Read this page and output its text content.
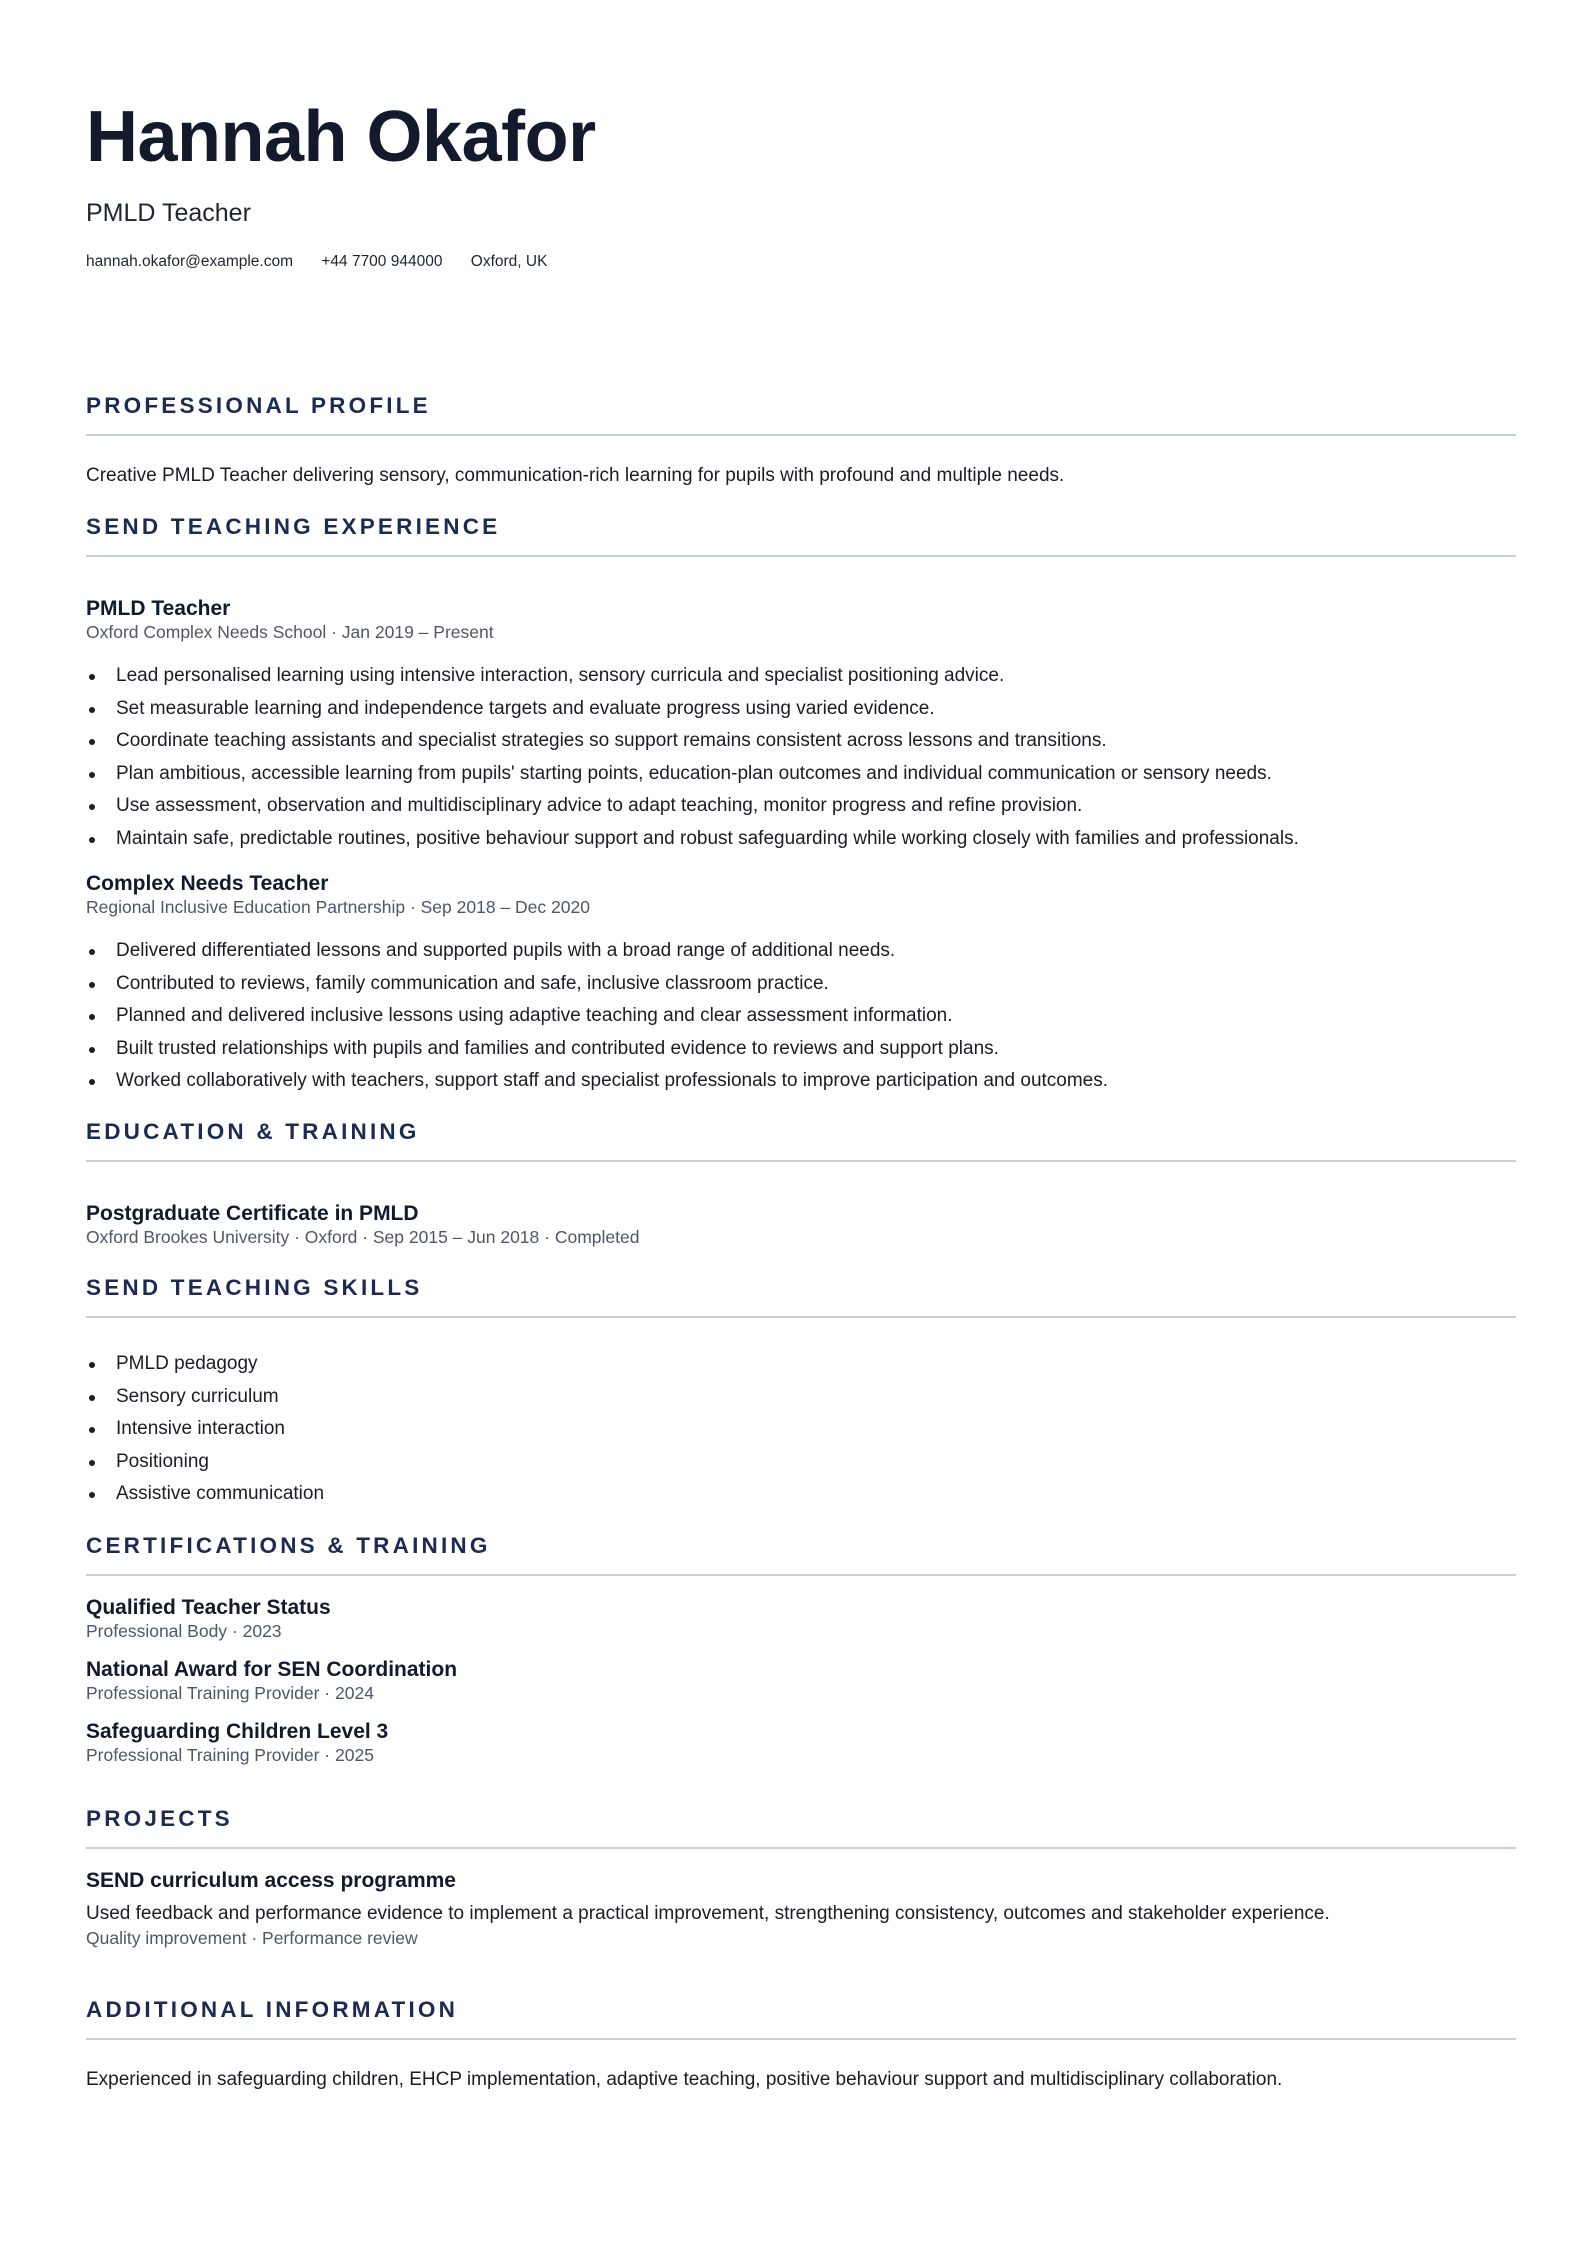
Hannah Okafor
PMLD Teacher
hannah.okafor@example.com +44 7700 944000 Oxford, UK
PROFESSIONAL PROFILE
Creative PMLD Teacher delivering sensory, communication-rich learning for pupils with profound and multiple needs.
SEND TEACHING EXPERIENCE
PMLD Teacher
Oxford Complex Needs School · Jan 2019 – Present
Lead personalised learning using intensive interaction, sensory curricula and specialist positioning advice.
Set measurable learning and independence targets and evaluate progress using varied evidence.
Coordinate teaching assistants and specialist strategies so support remains consistent across lessons and transitions.
Plan ambitious, accessible learning from pupils' starting points, education-plan outcomes and individual communication or sensory needs.
Use assessment, observation and multidisciplinary advice to adapt teaching, monitor progress and refine provision.
Maintain safe, predictable routines, positive behaviour support and robust safeguarding while working closely with families and professionals.
Complex Needs Teacher
Regional Inclusive Education Partnership · Sep 2018 – Dec 2020
Delivered differentiated lessons and supported pupils with a broad range of additional needs.
Contributed to reviews, family communication and safe, inclusive classroom practice.
Planned and delivered inclusive lessons using adaptive teaching and clear assessment information.
Built trusted relationships with pupils and families and contributed evidence to reviews and support plans.
Worked collaboratively with teachers, support staff and specialist professionals to improve participation and outcomes.
EDUCATION & TRAINING
Postgraduate Certificate in PMLD
Oxford Brookes University · Oxford · Sep 2015 – Jun 2018 · Completed
SEND TEACHING SKILLS
PMLD pedagogy
Sensory curriculum
Intensive interaction
Positioning
Assistive communication
CERTIFICATIONS & TRAINING
Qualified Teacher Status
Professional Body · 2023
National Award for SEN Coordination
Professional Training Provider · 2024
Safeguarding Children Level 3
Professional Training Provider · 2025
PROJECTS
SEND curriculum access programme
Used feedback and performance evidence to implement a practical improvement, strengthening consistency, outcomes and stakeholder experience.
Quality improvement · Performance review
ADDITIONAL INFORMATION
Experienced in safeguarding children, EHCP implementation, adaptive teaching, positive behaviour support and multidisciplinary collaboration.
